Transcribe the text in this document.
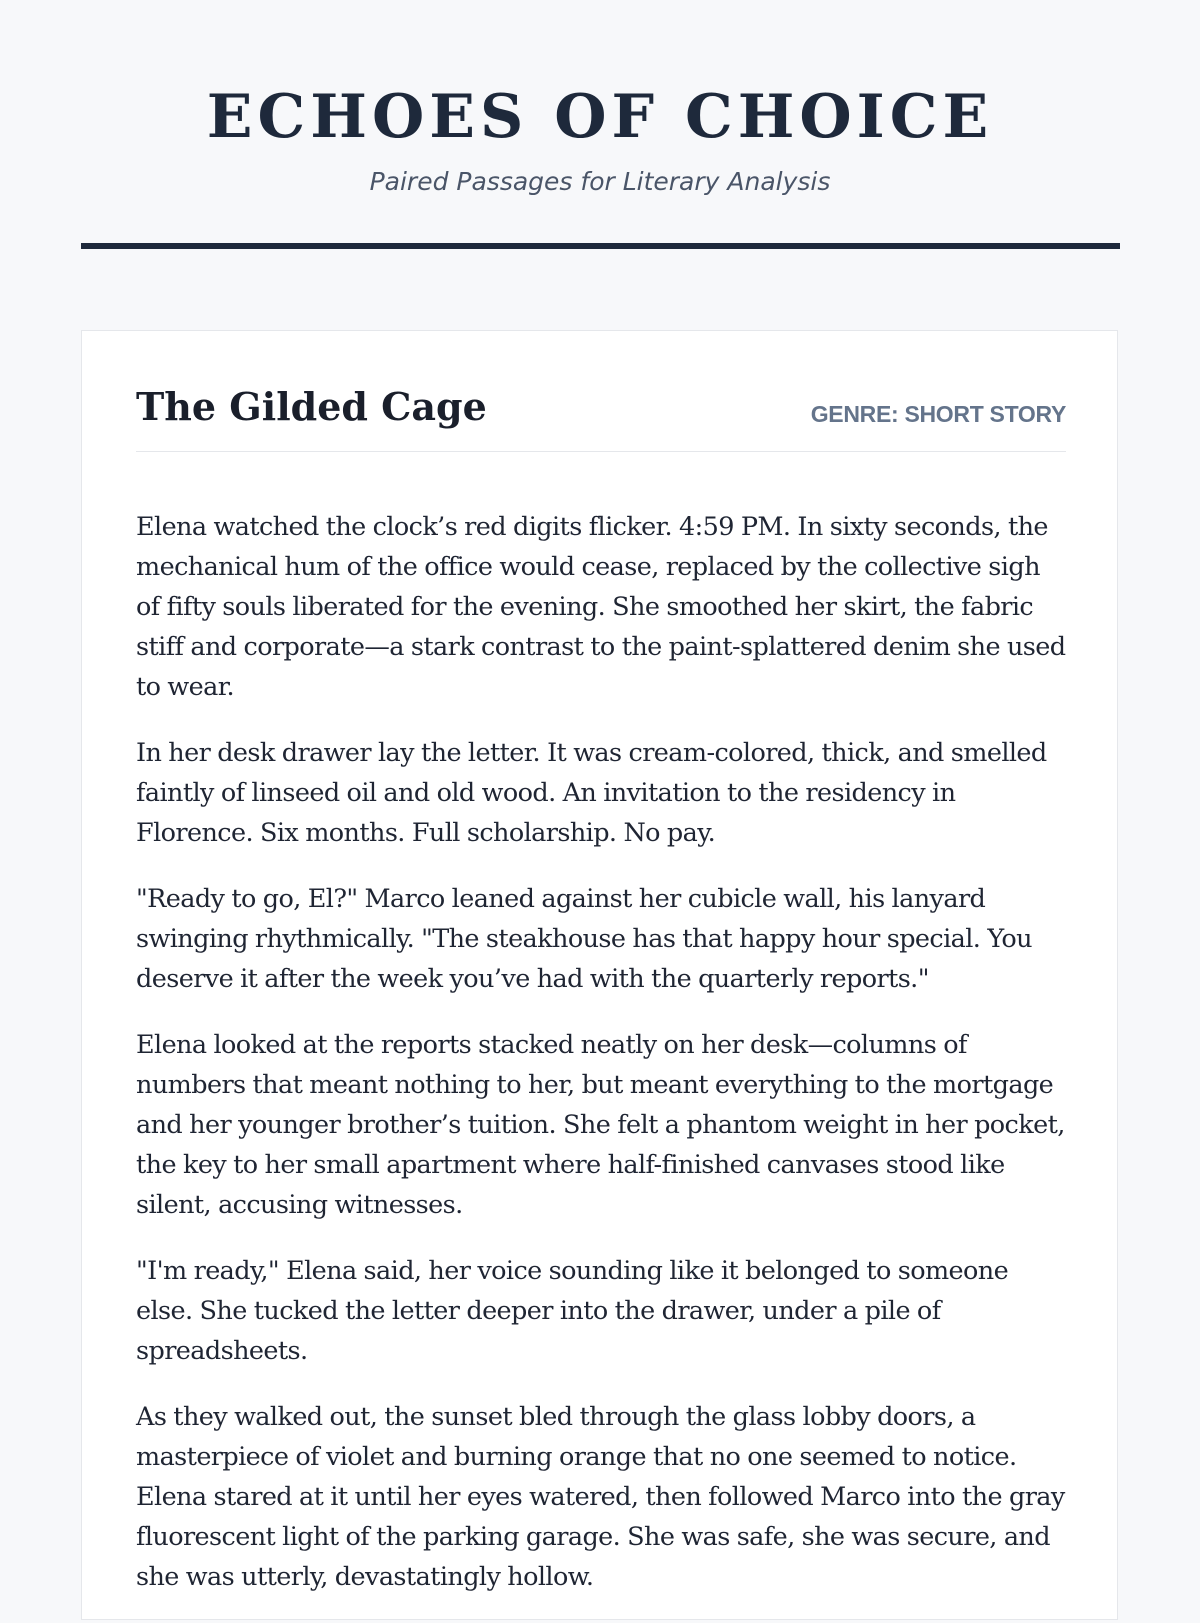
ECHOES OF CHOICE
Paired Passages for Literary Analysis
The Gilded Cage	GENRE: SHORT STORY

Elena watched the clock’s red digits flicker. 4:59 PM. In sixty seconds, the mechanical hum of the office would cease, replaced by the collective sigh of fifty souls liberated for the evening. She smoothed her skirt, the fabric stiff and corporate—a stark contrast to the paint-splattered denim she used to wear.

In her desk drawer lay the letter. It was cream-colored, thick, and smelled faintly of linseed oil and old wood. An invitation to the residency in Florence. Six months. Full scholarship. No pay.

"Ready to go, El?" Marco leaned against her cubicle wall, his lanyard swinging rhythmically. "The steakhouse has that happy hour special. You deserve it after the week you’ve had with the quarterly reports."

Elena looked at the reports stacked neatly on her desk—columns of numbers that meant nothing to her, but meant everything to the mortgage and her younger brother’s tuition. She felt a phantom weight in her pocket, the key to her small apartment where half-finished canvases stood like silent, accusing witnesses.

"I'm ready," Elena said, her voice sounding like it belonged to someone else. She tucked the letter deeper into the drawer, under a pile of spreadsheets.

As they walked out, the sunset bled through the glass lobby doors, a masterpiece of violet and burning orange that no one seemed to notice. Elena stared at it until her eyes watered, then followed Marco into the gray fluorescent light of the parking garage. She was safe, she was secure, and she was utterly, devastatingly hollow.
